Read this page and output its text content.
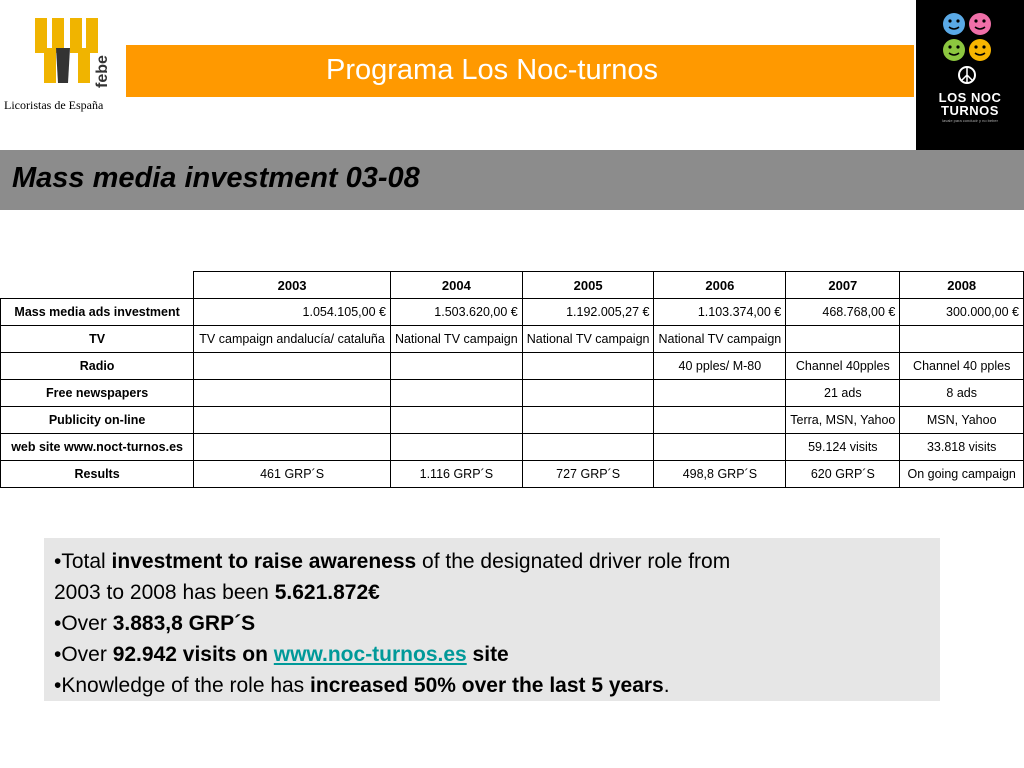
febe
Licoristas de España
Programa Los Noc-turnos
LOS NOC
TURNOS
lavale para conducir y no beber
Mass media investment 03-08
	2003	2004	2005	2006	2007	2008
Mass media ads investment	1.054.105,00 €	1.503.620,00 €	1.192.005,27 €	1.103.374,00 €	468.768,00 €	300.000,00 €
TV	TV campaign andalucía/ cataluña	National TV campaign	National TV campaign	National TV campaign		
Radio				40 pples/ M-80	Channel 40pples	Channel 40 pples
Free newspapers					21 ads	8 ads
Publicity on-line					Terra, MSN, Yahoo	MSN, Yahoo
web site www.noct-turnos.es					59.124 visits	33.818 visits
Results	461 GRP´S	1.116 GRP´S	727 GRP´S	498,8 GRP´S	620 GRP´S	On going campaign

•Total investment to raise awareness of the designated driver role from

2003 to 2008 has been 5.621.872€

•Over 3.883,8 GRP´S

•Over 92.942 visits on www.noc-turnos.es site

•Knowledge of the role has increased 50% over the last 5 years.
